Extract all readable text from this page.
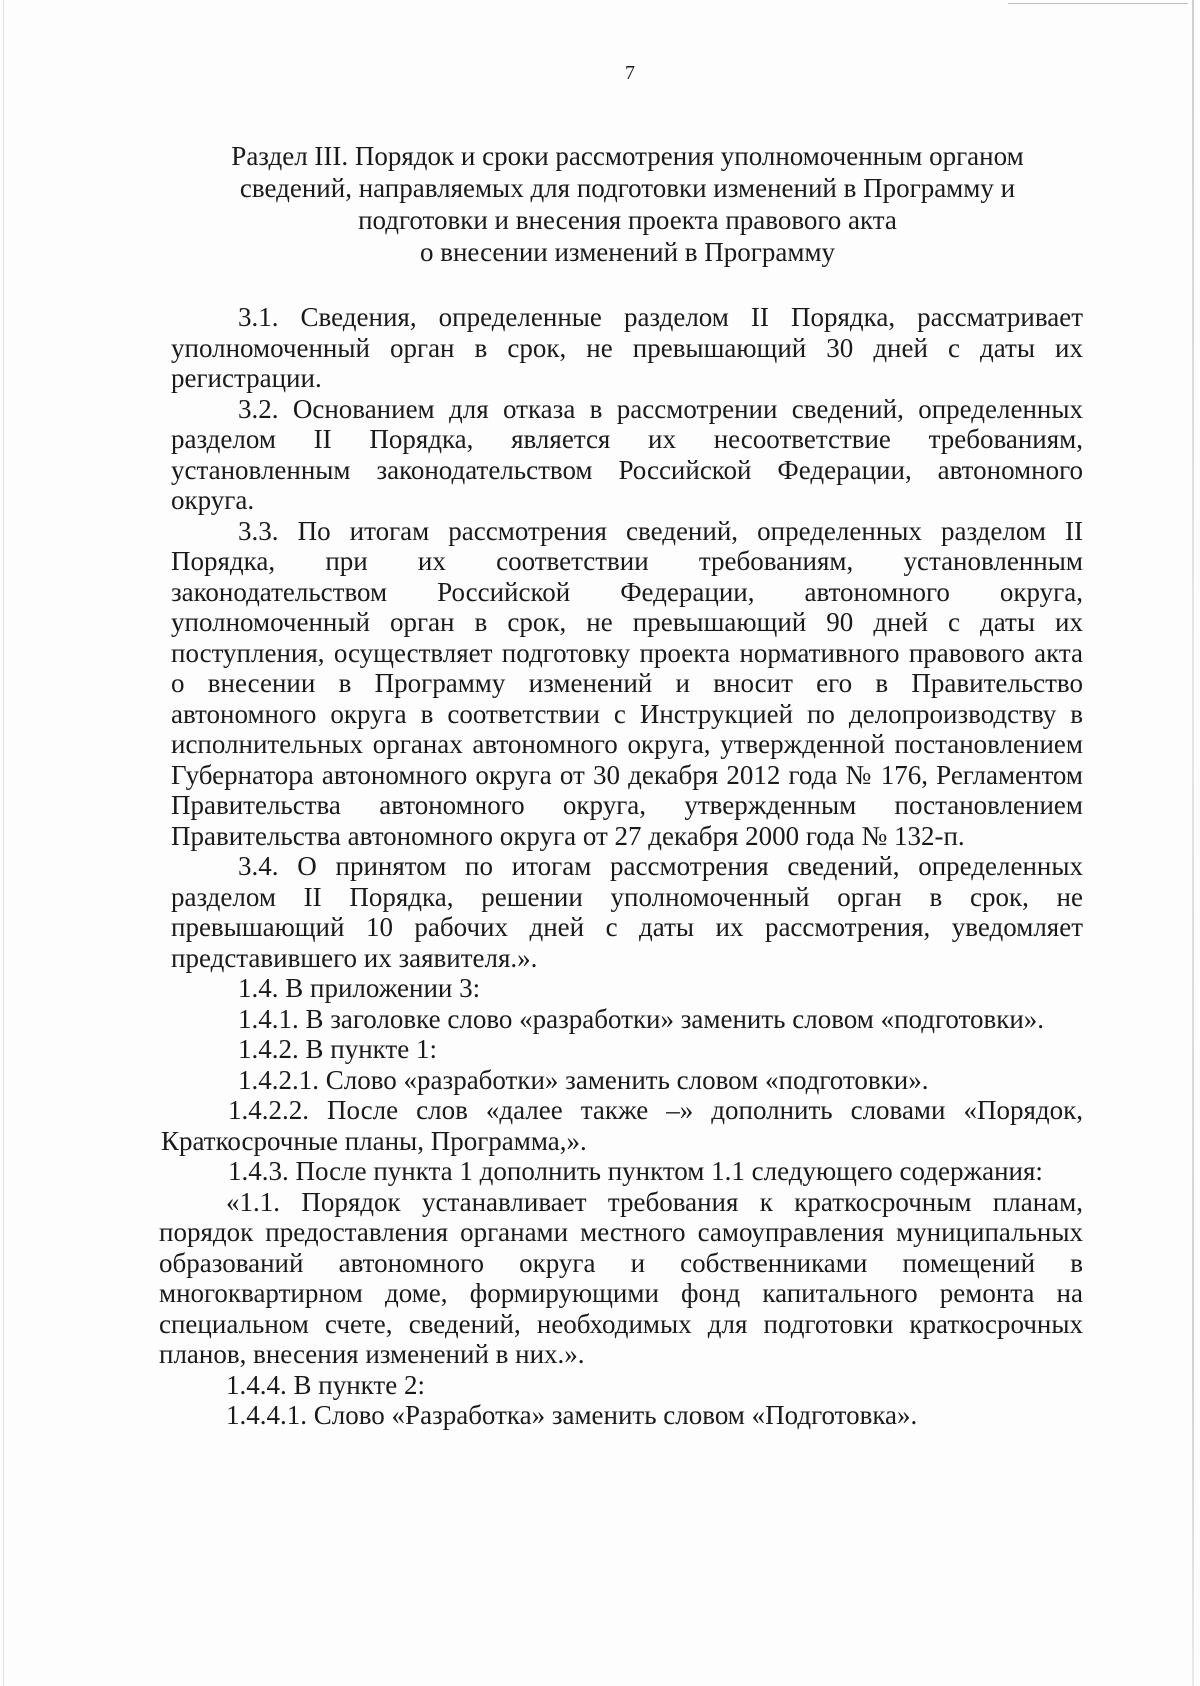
7
Раздел III. Порядок и сроки рассмотрения уполномоченным органом
сведений, направляемых для подготовки изменений в Программу и
подготовки и внесения проекта правового акта
о внесении изменений в Программу

3.1. Сведения, определенные разделом II Порядка, рассматривает уполномоченный орган в срок, не превышающий 30 дней с даты их регистрации.

3.2. Основанием для отказа в рассмотрении сведений, определенных разделом II Порядка, является их несоответствие требованиям, установленным законодательством Российской Федерации, автономного округа.

3.3. По итогам рассмотрения сведений, определенных разделом II Порядка, при их соответствии требованиям, установленным законодательством Российской Федерации, автономного округа, уполномоченный орган в срок, не превышающий 90 дней с даты их поступления, осуществляет подготовку проекта нормативного правового акта о внесении в Программу изменений и вносит его в Правительство автономного округа в соответствии с Инструкцией по делопроизводству в исполнительных органах автономного округа, утвержденной постановлением Губернатора автономного округа от 30 декабря 2012 года № 176, Регламентом Правительства автономного округа, утвержденным постановлением Правительства автономного округа от 27 декабря 2000 года № 132-п.

3.4. О принятом по итогам рассмотрения сведений, определенных разделом II Порядка, решении уполномоченный орган в срок, не превышающий 10 рабочих дней с даты их рассмотрения, уведомляет представившего их заявителя.».

1.4. В приложении 3:

1.4.1. В заголовке слово «разработки» заменить словом «подготовки».

1.4.2. В пункте 1:

1.4.2.1. Слово «разработки» заменить словом «подготовки».

1.4.2.2. После слов «далее также –» дополнить словами «Порядок, Краткосрочные планы, Программа,».

1.4.3. После пункта 1 дополнить пунктом 1.1 следующего содержания:

«1.1. Порядок устанавливает требования к краткосрочным планам, порядок предоставления органами местного самоуправления муниципальных образований автономного округа и собственниками помещений в многоквартирном доме, формирующими фонд капитального ремонта на специальном счете, сведений, необходимых для подготовки краткосрочных планов, внесения изменений в них.».

1.4.4. В пункте 2:

1.4.4.1. Слово «Разработка» заменить словом «Подготовка».
